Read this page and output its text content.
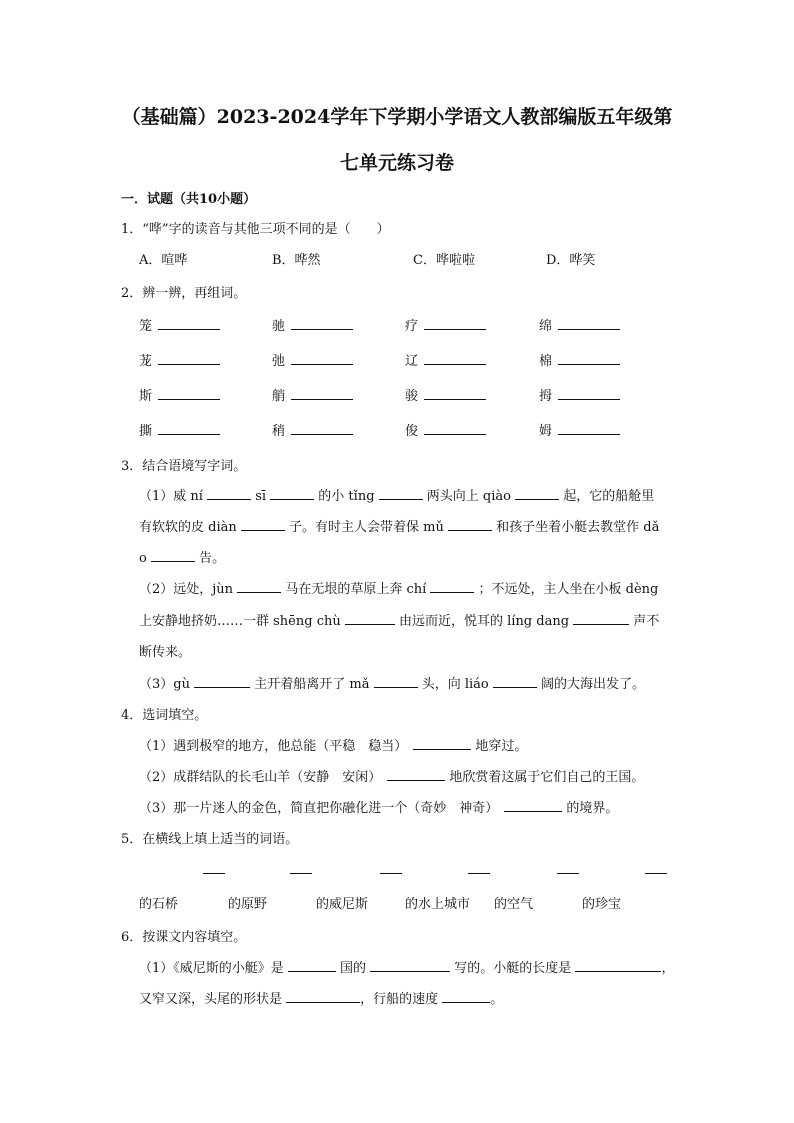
（基础篇）2023-2024学年下学期小学语文人教部编版五年级第
七单元练习卷
一．试题（共10小题）
1．“哗”字的读音与其他三项不同的是（　　）
A．喧哗	B．哗然	C．哗啦啦	D．哗笑
2．辨一辨，再组词。
笼	驰	疗	绵
茏	弛	辽	棉
斯	艄	骏	拇
撕	稍	俊	姆
3．结合语境写字词。
（1）威 ní	sī	的小 tǐng	两头向上 qiào	起，它的船舱里
有软软的皮 diàn	子。有时主人会带着保 mǔ	和孩子坐着小艇去教堂作 dǎ
o	告。
（2）远处，jùn	马在无垠的草原上奔 chí	；不远处，主人坐在小板 dèng
上安静地挤奶……一群 shēng chù	由远而近，悦耳的 líng dang	声不
断传来。
（3）gù	主开着船离开了 mǎ	头，向 liáo	阔的大海出发了。
4．选词填空。
（1）遇到极窄的地方，他总能（平稳　稳当）	地穿过。
（2）成群结队的长毛山羊（安静　安闲）	地欣赏着这属于它们自己的王国。
（3）那一片迷人的金色，简直把你融化进一个（奇妙　神奇）	的境界。
5．在横线上填上适当的词语。
的石桥	的原野	的威尼斯	的水上城市 的空气	的珍宝
6．按课文内容填空。
（1）《威尼斯的小艇》是	国的	写的。小艇的长度是	，
又窄又深，头尾的形状是	，行船的速度	。
